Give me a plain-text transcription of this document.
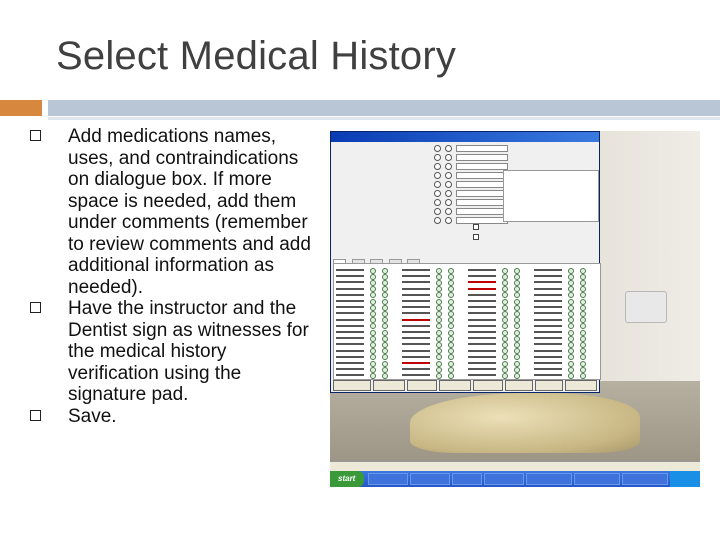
Select Medical History
Add medications names, uses, and contraindications on dialogue box. If more space is needed, add them under comments (remember to review comments and add additional information as needed).
Have the instructor and the Dentist sign as witnesses for the medical history verification using the signature pad.
Save.

start
